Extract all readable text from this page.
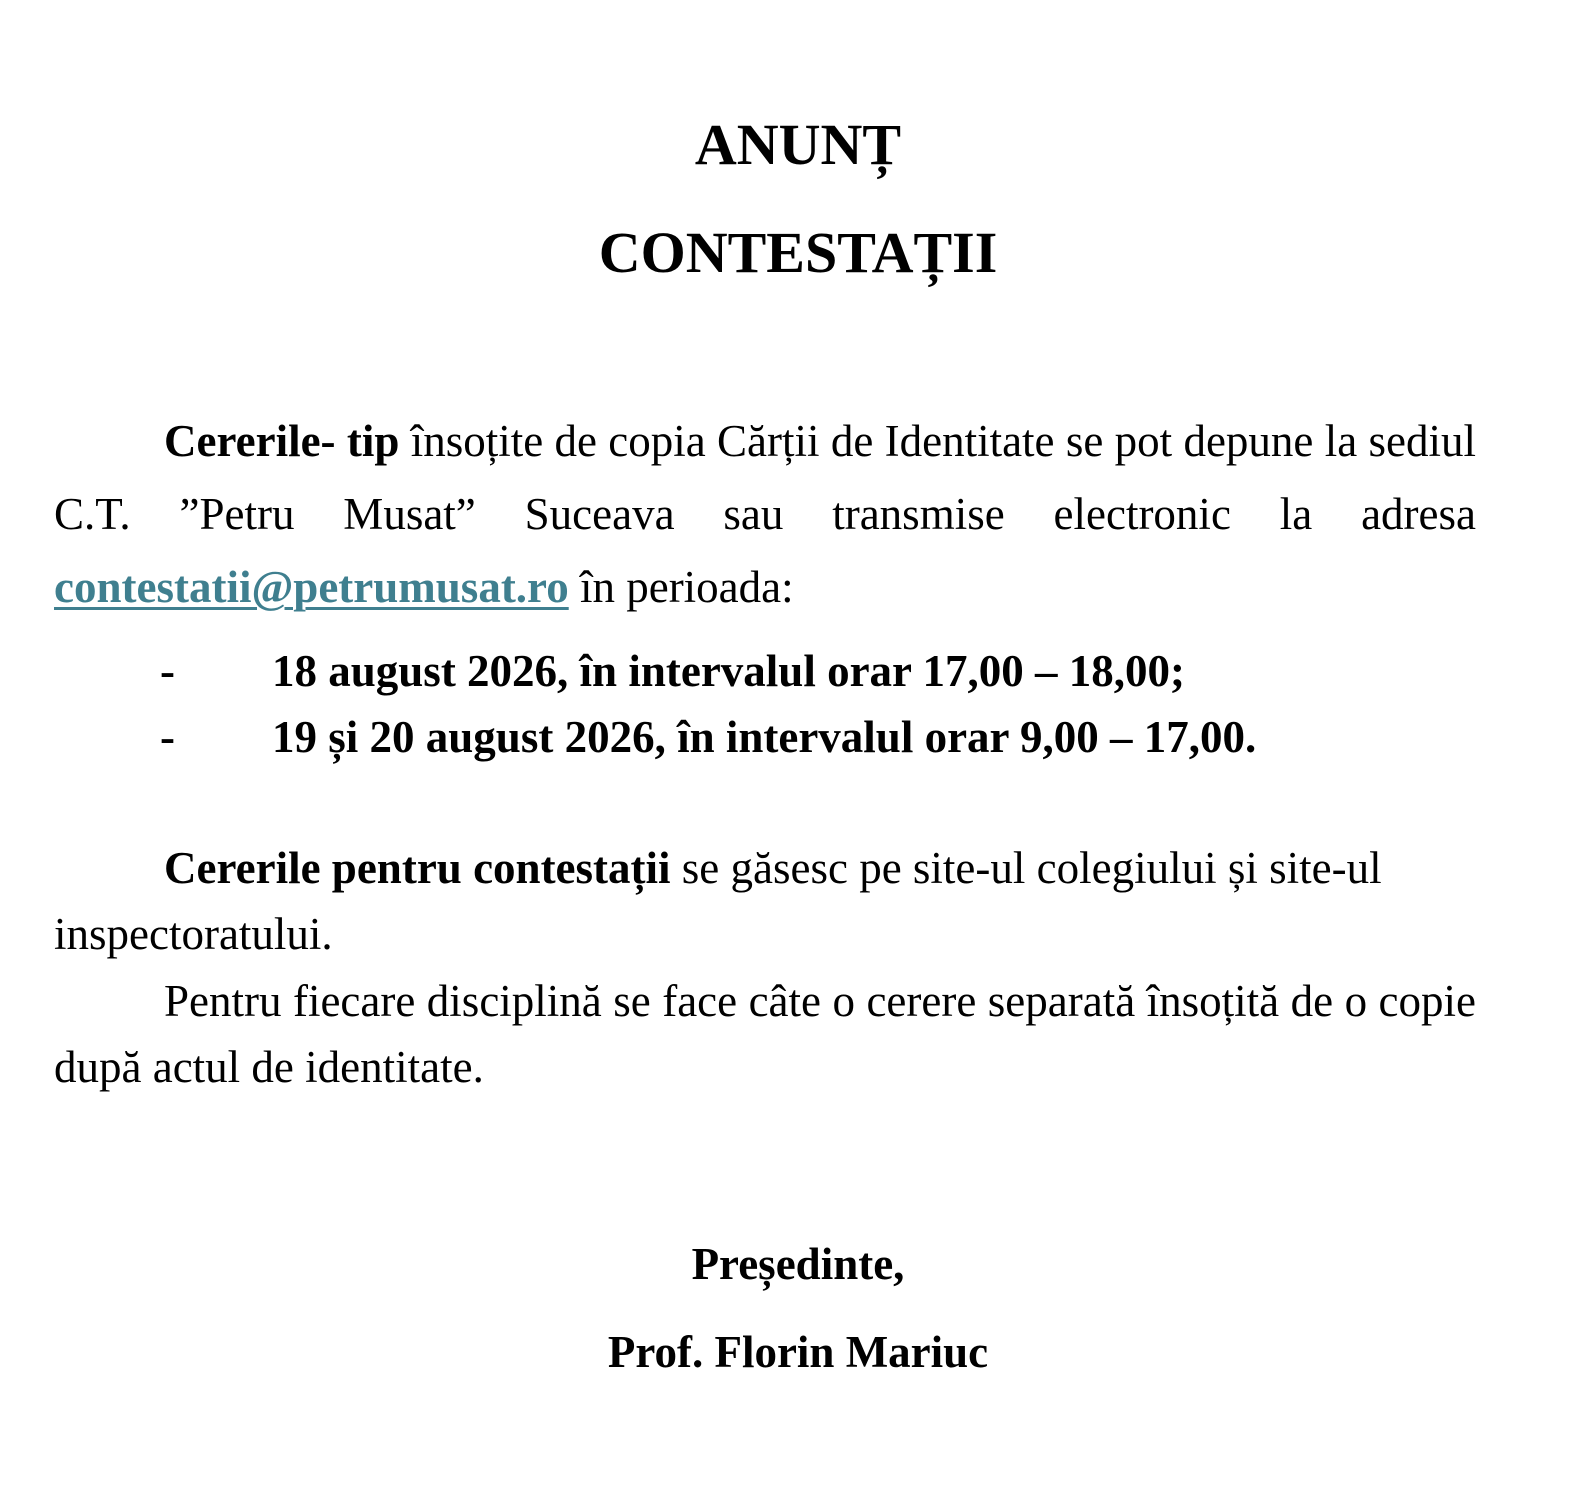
ANUNȚ
CONTESTAȚII

Cererile- tip însoțite de copia Cărții de Identitate se pot depune la sediul C.T. ”Petru Musat” Suceava sau transmise electronic la adresa contestatii@petrumusat.ro în perioada:

-	18 august 2026, în intervalul orar 17,00 – 18,00;
-	19 și 20 august 2026, în intervalul orar 9,00 – 17,00.

Cererile pentru contestații se găsesc pe site-ul colegiului și site-ul inspectoratului.

Pentru fiecare disciplină se face câte o cerere separată însoțită de o copie după actul de identitate.

Președinte,

Prof. Florin Mariuc
